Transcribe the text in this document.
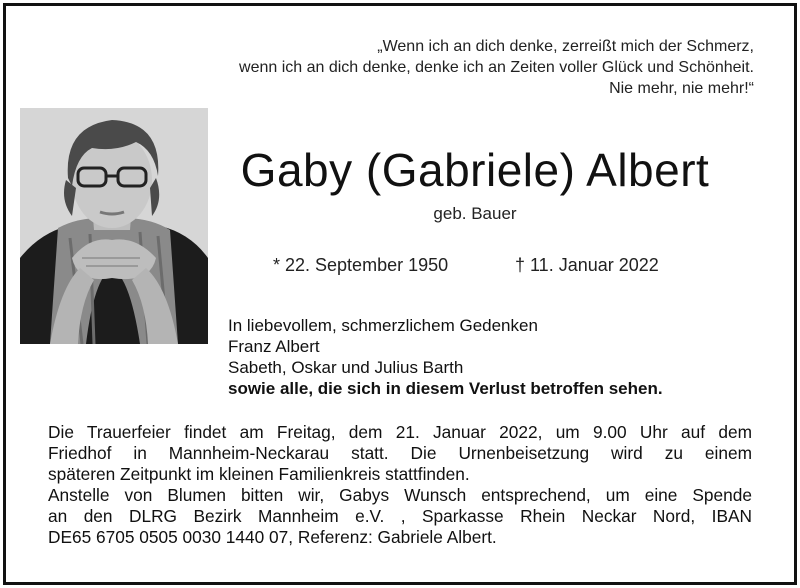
„Wenn ich an dich denke, zerreißt mich der Schmerz,
wenn ich an dich denke, denke ich an Zeiten voller Glück und Schönheit.
Nie mehr, nie mehr!“
Gaby (Gabriele) Albert
geb. Bauer
* 22. September 1950	† 11. Januar 2022
In liebevollem, schmerzlichem Gedenken
Franz Albert
Sabeth, Oskar und Julius Barth
sowie alle, die sich in diesem Verlust betroffen sehen.
Die Trauerfeier findet am Freitag, dem 21. Januar 2022, um 9.00 Uhr auf dem
Friedhof in Mannheim-Neckarau statt. Die Urnenbeisetzung wird zu einem
späteren Zeitpunkt im kleinen Familienkreis stattfinden.
Anstelle von Blumen bitten wir, Gabys Wunsch entsprechend, um eine Spende
an den DLRG Bezirk Mannheim e.V. , Sparkasse Rhein Neckar Nord, IBAN
DE65 6705 0505 0030 1440 07, Referenz: Gabriele Albert.
